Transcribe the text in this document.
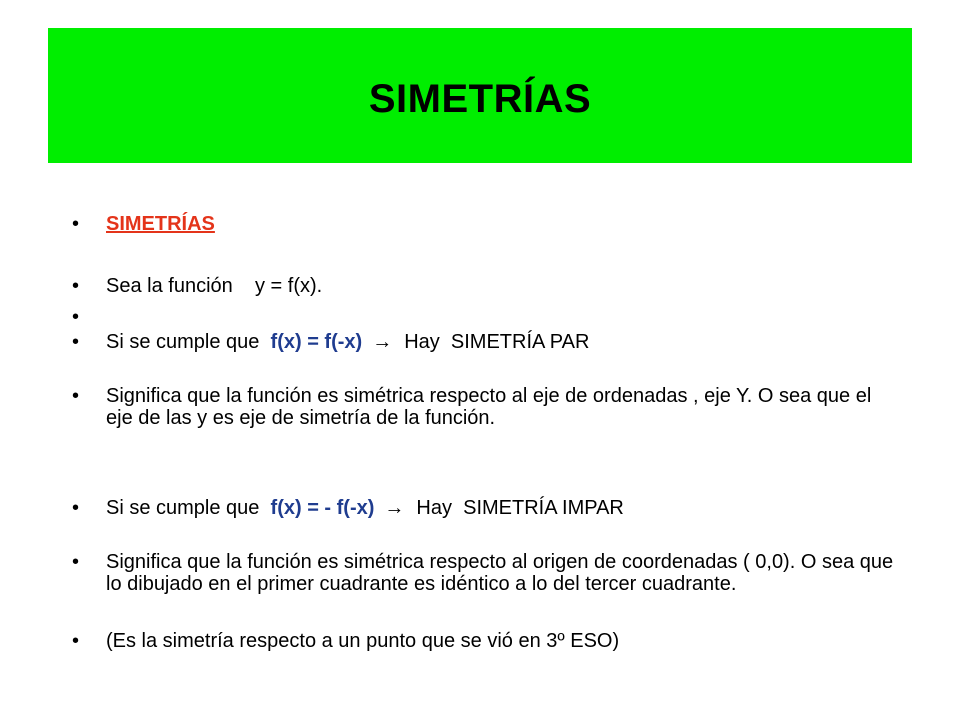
SIMETRÍAS
•	SIMETRÍAS
•	Sea la función    y = f(x).
•
•	Si se cumple que  f(x) = f(-x) → Hay  SIMETRÍA PAR
•	Significa que la función es simétrica respecto al eje de ordenadas , eje Y. O sea que el eje de las y es eje de simetría de la función.
•	Si se cumple que  f(x) = - f(-x) → Hay  SIMETRÍA IMPAR
•	Significa que la función es simétrica respecto al origen de coordenadas ( 0,0). O sea que lo dibujado en el primer cuadrante es idéntico a lo del tercer cuadrante.
•	(Es la simetría respecto a un punto que se vió en 3º ESO)
